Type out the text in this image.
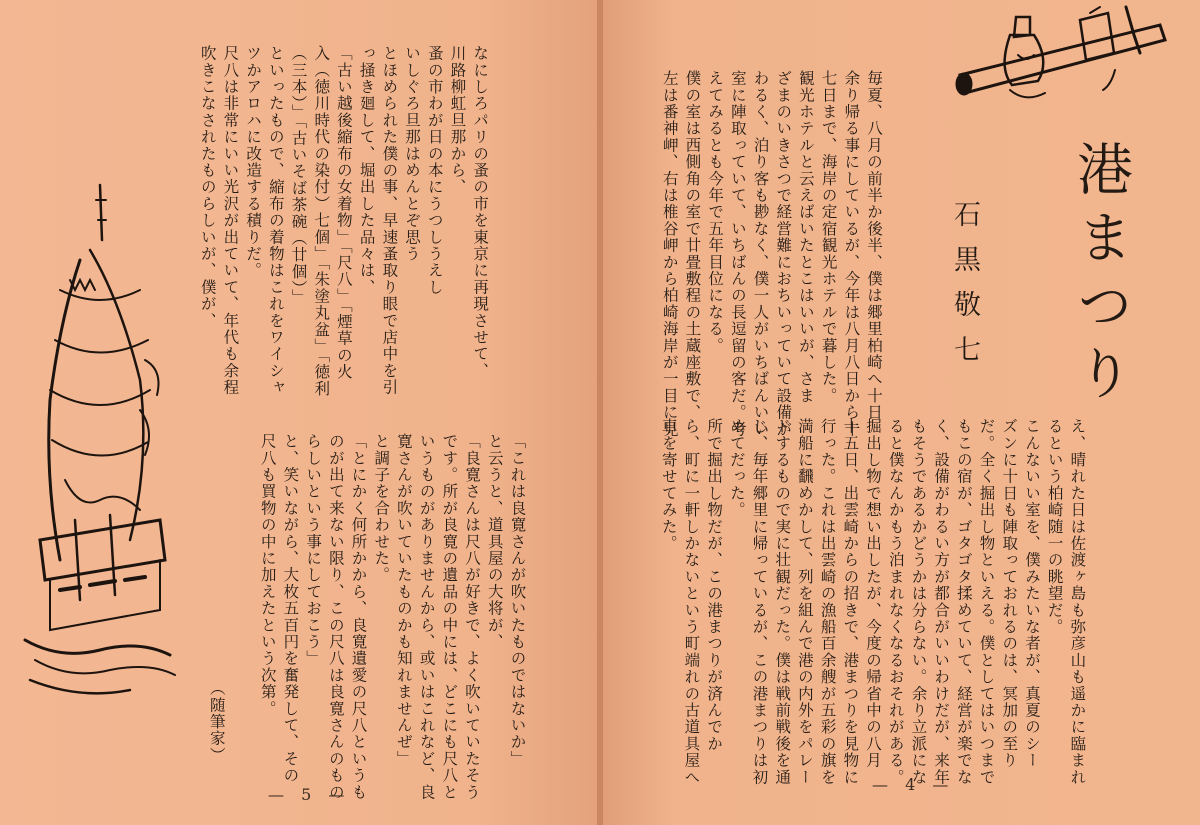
港まつり
石黒敬七
毎夏、八月の前半か後半、僕は郷里柏崎へ十日
余り帰る事にしているが、今年は八月八日から十
七日まで、海岸の定宿観光ホテルで暮した。
観光ホテルと云えばいたとこはいいが、さま
ざまのいきさつで経営難におちいっていて設備が
わるく、泊り客も尠なく、僕一人がいちばんいい
室に陣取っていて、いちばんの長逗留の客だ。考
えてみるとも今年で五年目位になる。
僕の室は西側角の室で廿畳敷程の土蔵座敷で、
左は番神岬、右は椎谷岬から柏崎海岸が一目に見
え、晴れた日は佐渡ヶ島も弥彦山も遥かに臨まれ
るという柏崎随一の眺望だ。
こんないい室を、僕みたいな者が、真夏のシー
ズンに十日も陣取っておれるのは、冥加の至り
だ。全く掘出し物といえる。僕としてはいつまで
もこの宿が、ゴタゴタ揉めていて、経営が楽でな
く、設備がわるい方が都合がいいわけだが、来年
もそうであるかどうかは分らない。余り立派にな
ると僕なんかもう泊まれなくなるおそれがある。
掘出し物で想い出したが、今度の帰省中の八月
十五日、出雲崎からの招きで、港まつりを見物に
行った。これは出雲崎の漁船百余艘が五彩の旗を
満船に飜めかして、列を組んで港の内外をパレー
ドするもので実に壮観だった。僕は戦前戦後を通
じ、毎年郷里に帰っているが、この港まつりは初
めてだった。
所で掘出し物だが、この港まつりが済んでか
ら、町に一軒しかないという町端れの古道具屋へ
車を寄せてみた。
— 4 —
なにしろパリの蚤の市を東京に再現させて、
川路柳虹旦那から、
蚤の市わが日の本にうつしうえし
いしぐろ旦那はめんとぞ思う
とほめられた僕の事、早速蚤取り眼で店中を引
っ掻き廻して、堀出した品々は、
「古い越後縮布の女着物」「尺八」「煙草の火
入（徳川時代の染付）七個」「朱塗丸盆」「徳利
（三本）」「古いそば茶碗（廿個）」
といったもので、縮布の着物はこれをワイシャ
ツかアロハに改造する積りだ。
尺八は非常にいい光沢が出ていて、年代も余程
吹きこなされたものらしいが、僕が、
「これは良寛さんが吹いたものではないか」
と云うと、道具屋の大将が、
「良寛さんは尺八が好きで、よく吹いていたそう
です。所が良寛の遺品の中には、どこにも尺八と
いうものがありませんから、或いはこれなど、良
寛さんが吹いていたものかも知れませんぜ」
と調子を合わせた。
「とにかく何所かから、良寛遺愛の尺八というも
のが出て来ない限り、この尺八は良寛さんのもの
らしいという事にしておこう」
と、笑いながら、大枚五百円を奮発して、その
尺八も買物の中に加えたという次第。
（随筆家）
— 5 —
